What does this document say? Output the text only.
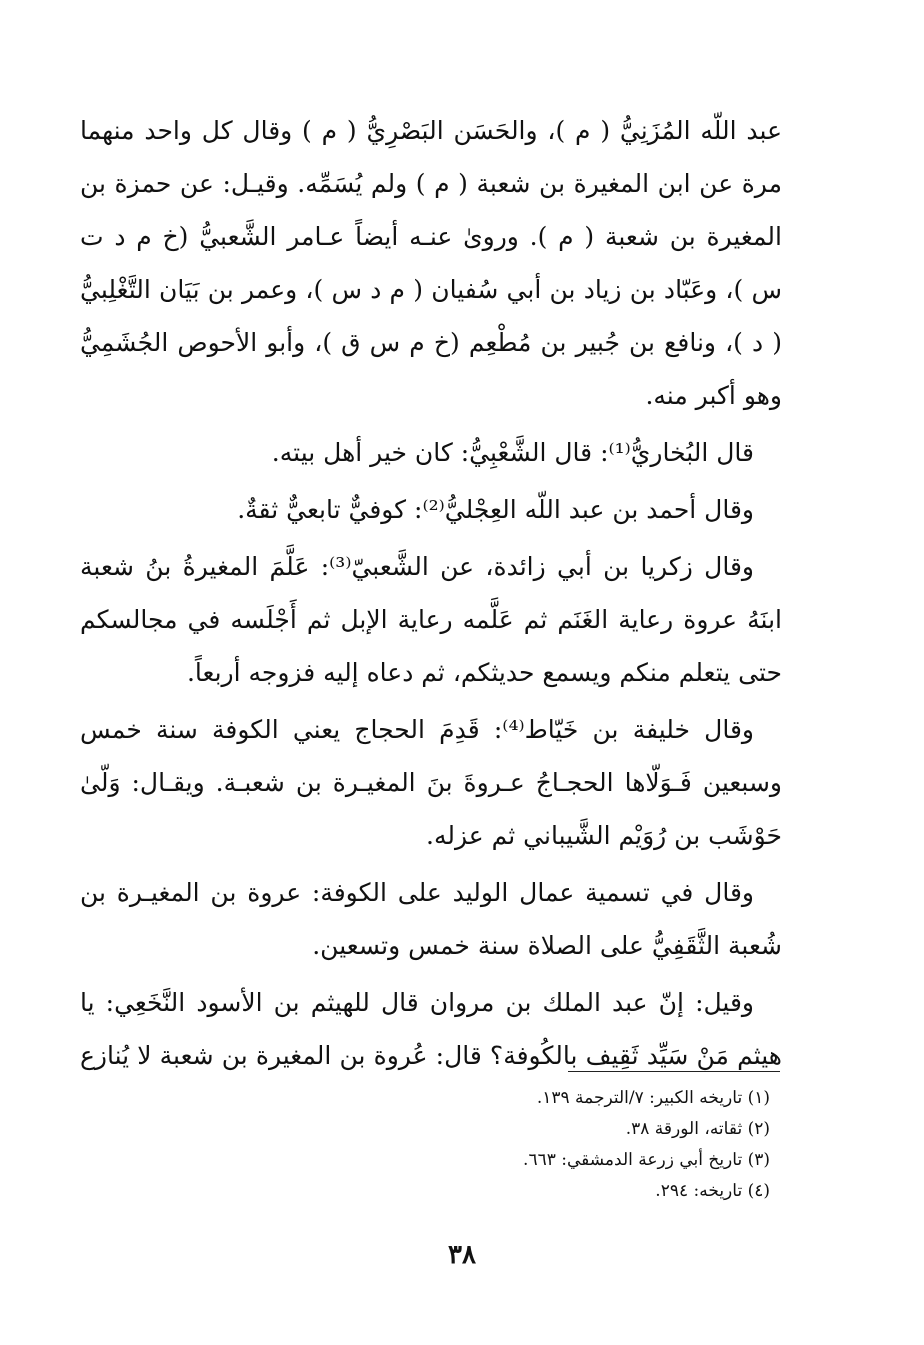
عبد اللّه المُزَنِيُّ ( م )، والحَسَن البَصْرِيُّ ( م ) وقال كل واحد منهما
مرة عن ابن المغيرة بن شعبة ( م ) ولم يُسَمِّه. وقيـل: عن حمزة بن
المغيرة بن شعبة ( م ). وروىٰ عنـه أيضاً عـامر الشَّعبيُّ (خ م د ت
س )، وعَبّاد بن زياد بن أبي سُفيان ( م د س )، وعمر بن بَيَان التَّغْلِبيُّ
( د )، ونافع بن جُبير بن مُطْعِم (خ م س ق )، وأبو الأحوص الجُشَمِيُّ
وهو أكبر منه.
قال البُخاريُّ⁽¹⁾: قال الشَّعْبِيُّ: كان خير أهل بيته.
وقال أحمد بن عبد اللّه العِجْليُّ⁽²⁾: كوفيٌّ تابعيٌّ ثقةٌ.
وقال زكريا بن أبي زائدة، عن الشَّعبيّ⁽³⁾: عَلَّمَ المغيرةُ بنُ شعبة
ابنَهُ عروة رعاية الغَنَم ثم عَلَّمه رعاية الإبل ثم أَجْلَسه في مجالسكم
حتى يتعلم منكم ويسمع حديثكم، ثم دعاه إليه فزوجه أربعاً.
وقال خليفة بن خَيّاط⁽⁴⁾: قَدِمَ الحجاج يعني الكوفة سنة خمس
وسبعين فَـوَلّاها الحجـاجُ عـروةَ بنَ المغيـرة بن شعبـة. ويقـال: وَلّىٰ
حَوْشَب بن رُوَيْم الشَّيباني ثم عزله.
وقال في تسمية عمال الوليد على الكوفة: عروة بن المغيـرة بن
شُعبة الثَّقَفِيُّ على الصلاة سنة خمس وتسعين.
وقيل: إنّ عبد الملك بن مروان قال للهيثم بن الأسود النَّخَعِي: يا
هيثم مَنْ سَيِّد ثَقِيف بالكُوفة؟ قال: عُروة بن المغيرة بن شعبة لا يُنازع
(١) تاريخه الكبير: ٧/الترجمة ١٣٩.
(٢) ثقاته، الورقة ٣٨.
(٣) تاريخ أبي زرعة الدمشقي: ٦٦٣.
(٤) تاريخه: ٢٩٤.
٣٨
